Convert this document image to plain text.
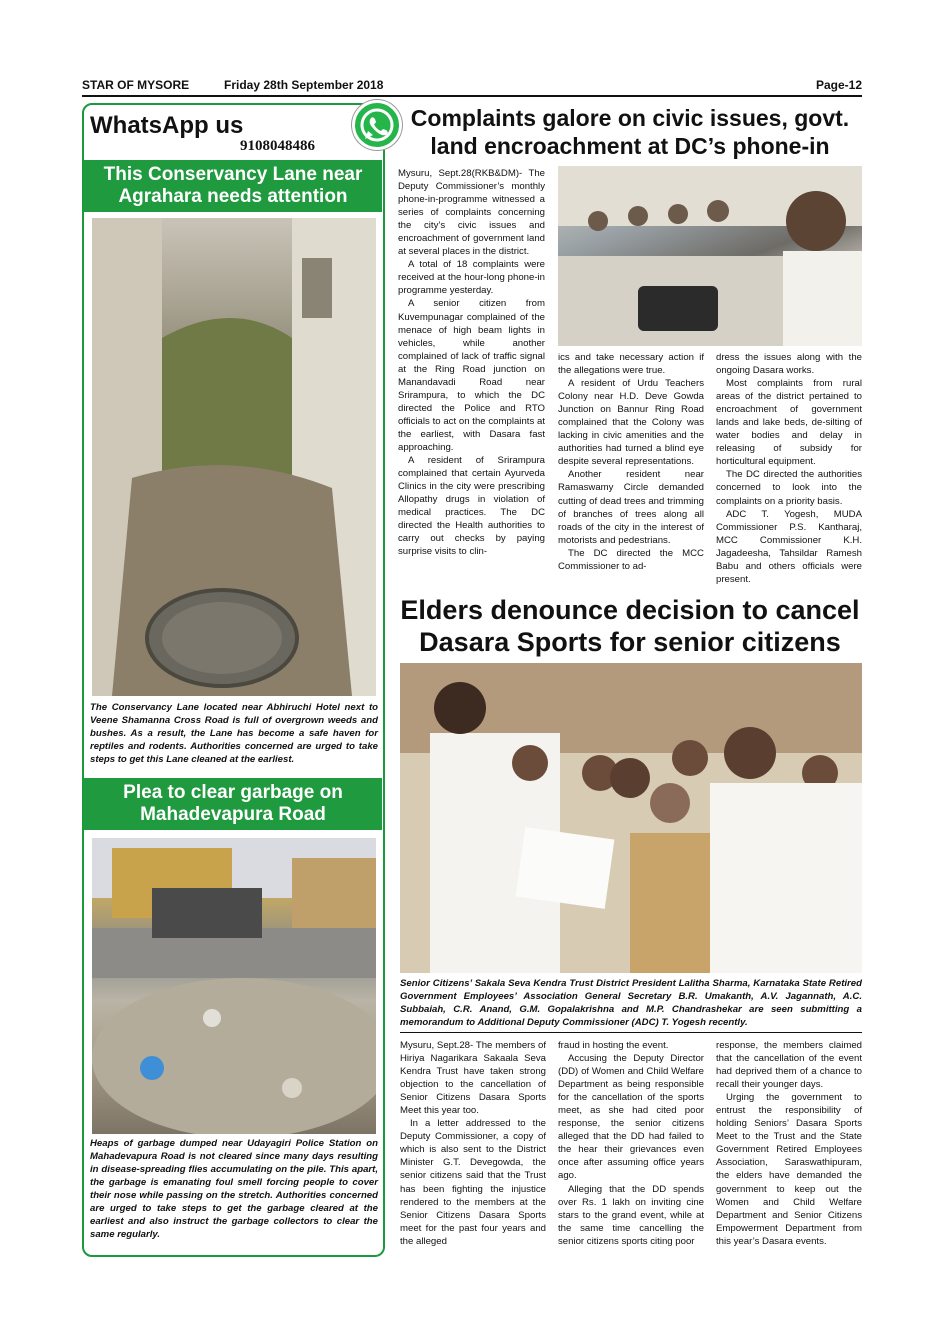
STAR OF MYSORE	Friday 28th September 2018	Page-12
WhatsApp us
9108048486
This Conservancy Lane near Agrahara needs attention
The Conservancy Lane located near Abhiruchi Hotel next to Veene Shamanna Cross Road is full of overgrown weeds and bushes. As a result, the Lane has become a safe haven for reptiles and rodents. Authorities concerned are urged to take steps to get this Lane cleaned at the earliest.
Plea to clear garbage on Mahadevapura Road
Heaps of garbage dumped near Udayagiri Police Station on Mahadevapura Road is not cleared since many days resulting in disease-spreading flies accumulating on the pile. This apart, the garbage is emanating foul smell forcing people to cover their nose while passing on the stretch. Authorities concerned are urged to take steps to get the garbage cleared at the earliest and also instruct the garbage collectors to clear the same regularly.
Complaints galore on civic issues, govt. land encroachment at DC’s phone-in

Mysuru, Sept.28(RKB&DM)- The Deputy Commissioner’s monthly phone-in-programme witnessed a series of complaints concerning the city’s civic issues and encroachment of government land at several places in the district.

A total of 18 complaints were received at the hour-long phone-in programme yesterday.

A senior citizen from Kuvempunagar complained of the menace of high beam lights in vehicles, while another complained of lack of traffic signal at the Ring Road junction on Manandavadi Road near Srirampura, to which the DC directed the Police and RTO officials to act on the complaints at the earliest, with Dasara fast approaching.

A resident of Srirampura complained that certain Ayurveda Clinics in the city were prescribing Allopathy drugs in violation of medical practices. The DC directed the Health authorities to carry out checks by paying surprise visits to clin-

ics and take necessary action if the allegations were true.

A resident of Urdu Teachers Colony near H.D. Deve Gowda Junction on Bannur Ring Road complained that the Colony was lacking in civic amenities and the authorities had turned a blind eye despite several representations.

Another resident near Ramaswamy Circle demanded cutting of dead trees and trimming of branches of trees along all roads of the city in the interest of motorists and pedestrians.

The DC directed the MCC Commissioner to ad-

dress the issues along with the ongoing Dasara works.

Most complaints from rural areas of the district pertained to encroachment of government lands and lake beds, de-silting of water bodies and delay in releasing of subsidy for horticultural equipment.

The DC directed the authorities concerned to look into the complaints on a priority basis.

ADC T. Yogesh, MUDA Commissioner P.S. Kantharaj, MCC Commissioner K.H. Jagadeesha, Tahsildar Ramesh Babu and others officials were present.

Elders denounce decision to cancel Dasara Sports for senior citizens
Senior Citizens’ Sakala Seva Kendra Trust District President Lalitha Sharma, Karnataka State Retired Government Employees’ Association General Secretary B.R. Umakanth, A.V. Jagannath, A.C. Subbaiah, C.R. Anand, G.M. Gopalakrishna and M.P. Chandrashekar are seen submitting a memorandum to Additional Deputy Commissioner (ADC) T. Yogesh recently.

Mysuru, Sept.28- The members of Hiriya Nagarikara Sakaala Seva Kendra Trust have taken strong objection to the cancellation of Senior Citizens Dasara Sports Meet this year too.

In a letter addressed to the Deputy Commissioner, a copy of which is also sent to the District Minister G.T. Devegowda, the senior citizens said that the Trust has been fighting the injustice rendered to the members at the Senior Citizens Dasara Sports meet for the past four years and the alleged

fraud in hosting the event.

Accusing the Deputy Director (DD) of Women and Child Welfare Department as being responsible for the cancellation of the sports meet, as she had cited poor response, the senior citizens alleged that the DD had failed to the hear their grievances even once after assuming office years ago.

Alleging that the DD spends over Rs. 1 lakh on inviting cine stars to the grand event, while at the same time cancelling the senior citizens sports citing poor

response, the members claimed that the cancellation of the event had deprived them of a chance to recall their younger days.

Urging the government to entrust the responsibility of holding Seniors’ Dasara Sports Meet to the Trust and the State Government Retired Employees Association, Saraswathipuram, the elders have demanded the government to keep out the Women and Child Welfare Department and Senior Citizens Empowerment Department from this year’s Dasara events.
